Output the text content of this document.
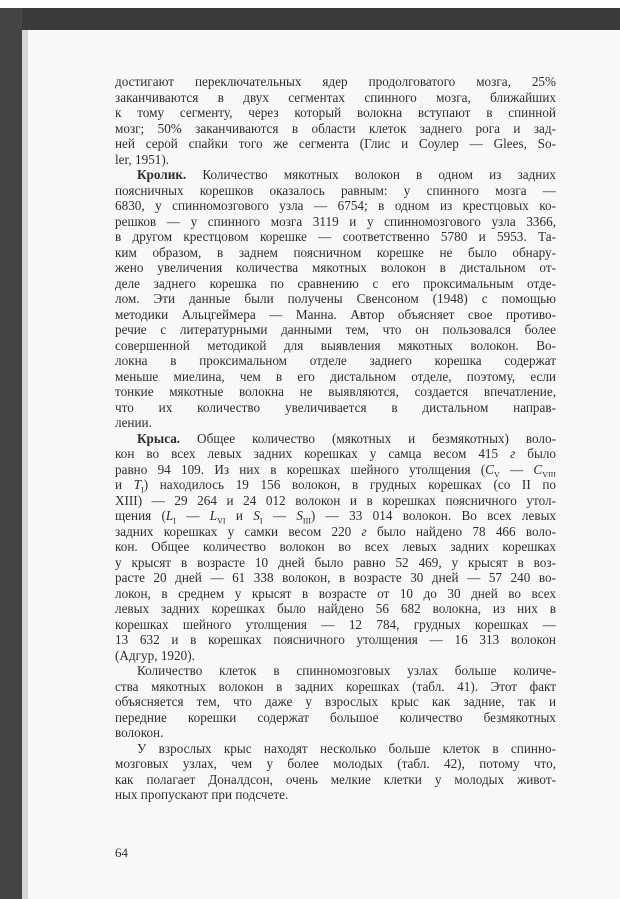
достигают переключательных ядер продолговатого мозга, 25%
заканчиваются в двух сегментах спинного мозга, ближайших
к тому сегменту, через который волокна вступают в спинной
мозг; 50% заканчиваются в области клеток заднего рога и зад-
ней серой спайки того же сегмента (Глис и Соулер — Glees, So-
ler, 1951).
Кролик. Количество мякотных волокон в одном из задних
поясничных корешков оказалось равным: у спинного мозга —
6830, у спинномозгового узла — 6754; в одном из крестцовых ко-
решков — у спинного мозга 3119 и у спинномозгового узла 3366,
в другом крестцовом корешке — соответственно 5780 и 5953. Та-
ким образом, в заднем поясничном корешке не было обнару-
жено увеличения количества мякотных волокон в дистальном от-
деле заднего корешка по сравнению с его проксимальным отде-
лом. Эти данные были получены Свенсоном (1948) с помощью
методики Альцгеймера — Манна. Автор объясняет свое противо-
речие с литературными данными тем, что он пользовался более
совершенной методикой для выявления мякотных волокон. Во-
локна в проксимальном отделе заднего корешка содержат
меньше миелина, чем в его дистальном отделе, поэтому, если
тонкие мякотные волокна не выявляются, создается впечатление,
что их количество увеличивается в дистальном направ-
лении.
Крыса. Общее количество (мякотных и безмякотных) воло-
кон во всех левых задних корешках у самца весом 415 г было
равно 94 109. Из них в корешках шейного утолщения ($C_V$ — $C_{VIII}$
и $T_I$) находилось 19 156 волокон, в грудных корешках (со II по
XIII) — 29 264 и 24 012 волокон и в корешках поясничного утол-
щения ($L_I$ — $L_{VI}$ и $S_I$ — $S_{III}$) — 33 014 волокон. Во всех левых
задних корешках у самки весом 220 г было найдено 78 466 воло-
кон. Общее количество волокон во всех левых задних корешках
у крысят в возрасте 10 дней было равно 52 469, у крысят в воз-
расте 20 дней — 61 338 волокон, в возрасте 30 дней — 57 240 во-
локон, в среднем у крысят в возрасте от 10 до 30 дней во всех
левых задних корешках было найдено 56 682 волокна, из них в
корешках шейного утолщения — 12 784, грудных корешках —
13 632 и в корешках поясничного утолщения — 16 313 волокон
(Адгур, 1920).
Количество клеток в спинномозговых узлах больше количе-
ства мякотных волокон в задних корешках (табл. 41). Этот факт
объясняется тем, что даже у взрослых крыс как задние, так и
передние корешки содержат большое количество безмякотных
волокон.
У взрослых крыс находят несколько больше клеток в спинно-
мозговых узлах, чем у более молодых (табл. 42), потому что,
как полагает Доналдсон, очень мелкие клетки у молодых живот-
ных пропускают при подсчете.
64
